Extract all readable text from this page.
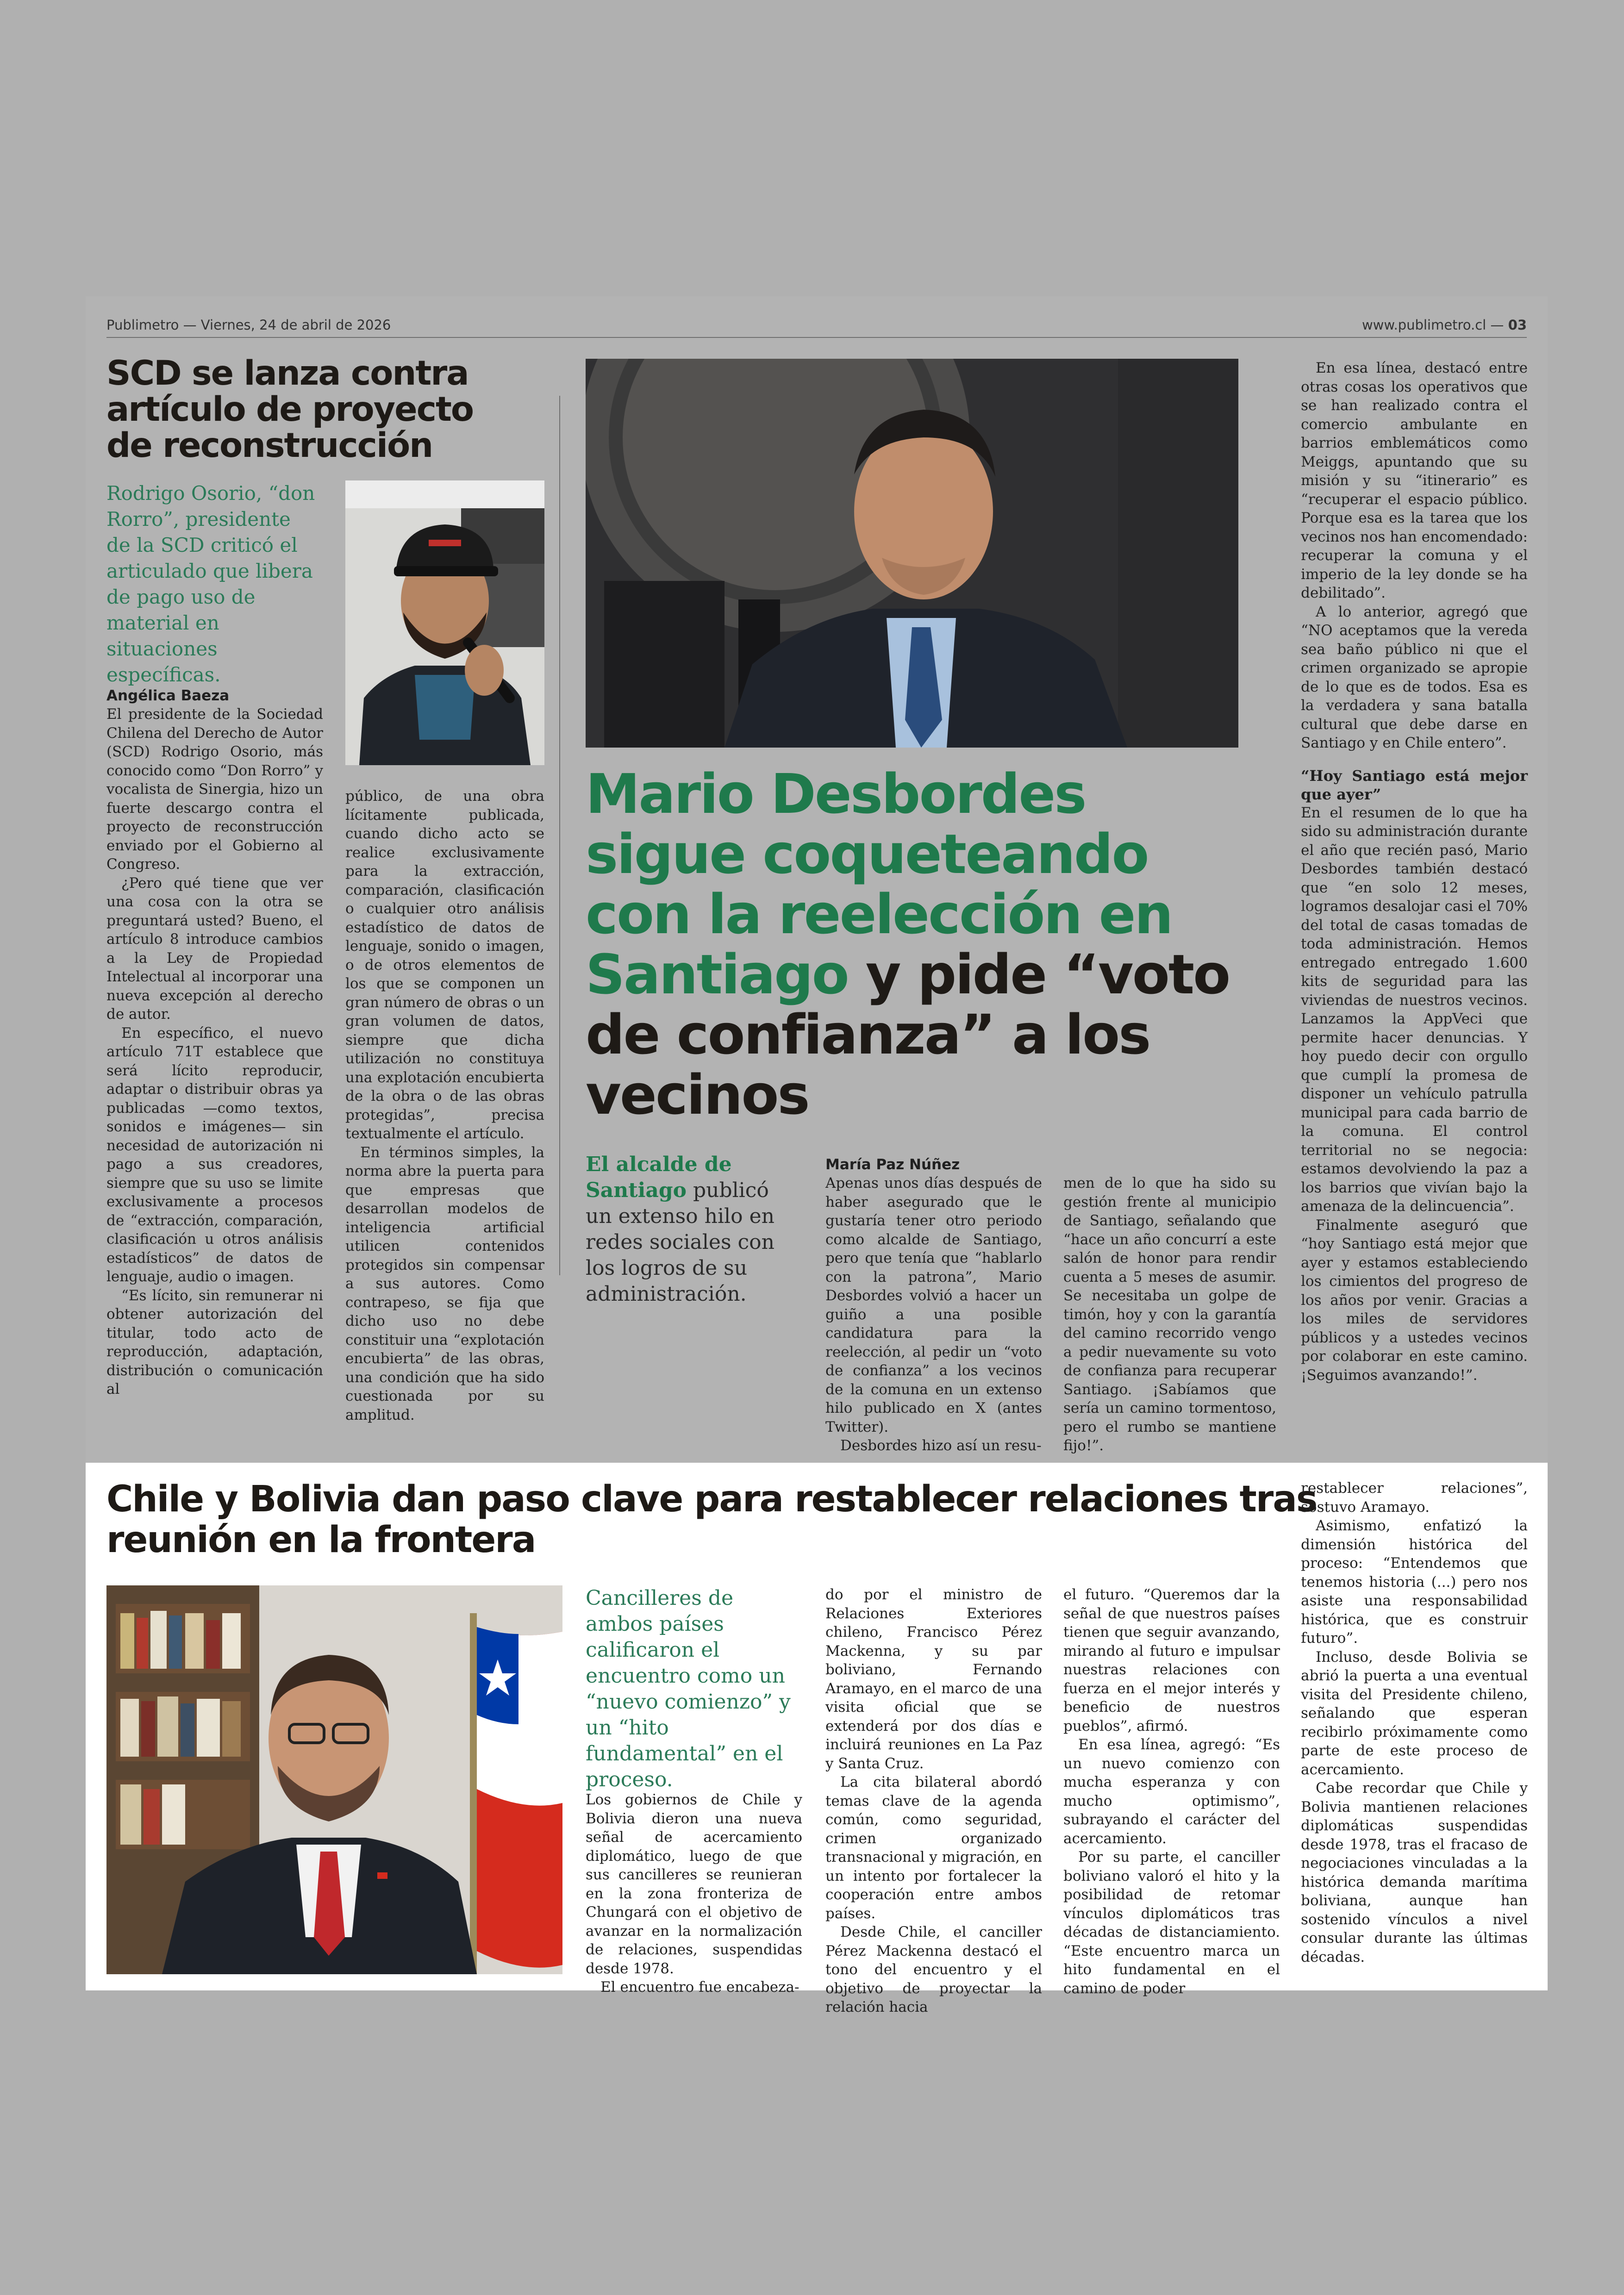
Publimetro — Viernes, 24 de abril de 2026	www.publimetro.cl — 03
SCD se lanza contra artículo de proyecto de reconstrucción
Rodrigo Osorio, “don Rorro”, presidente de la SCD criticó el articulado que libera de pago uso de material en situaciones específicas.
Angélica Baeza

El presidente de la Sociedad Chilena del Derecho de Autor (SCD) Rodrigo Osorio, más conocido como “Don Rorro” y vocalista de Sinergia, hizo un fuerte descargo contra el proyecto de reconstrucción enviado por el Gobierno al Congreso.

¿Pero qué tiene que ver una cosa con la otra se preguntará usted? Bueno, el artículo 8 introduce cambios a la Ley de Propiedad Intelectual al incorporar una nueva excepción al derecho de autor.

En específico, el nuevo artículo 71T establece que será lícito reproducir, adaptar o distribuir obras ya publicadas —como textos, sonidos e imágenes— sin necesidad de autorización ni pago a sus creadores, siempre que su uso se limite exclusivamente a procesos de “extracción, comparación, clasificación u otros análisis estadísticos” de datos de lenguaje, audio o imagen.

“Es lícito, sin remunerar ni obtener autorización del titular, todo acto de reproducción, adaptación, distribución o comunicación al

público, de una obra lícitamente publicada, cuando dicho acto se realice exclusivamente para la extracción, comparación, clasificación o cualquier otro análisis estadístico de datos de lenguaje, sonido o imagen, o de otros elementos de los que se componen un gran número de obras o un gran volumen de datos, siempre que dicha utilización no constituya una explotación encubierta de la obra o de las obras protegidas”, precisa textualmente el artículo.

En términos simples, la norma abre la puerta para que empresas que desarrollan modelos de inteligencia artificial utilicen contenidos protegidos sin compensar a sus autores. Como contrapeso, se fija que dicho uso no debe constituir una “explotación encubierta” de las obras, una condición que ha sido cuestionada por su amplitud.

Mario Desbordes sigue coqueteando con la reelección en Santiago y pide “voto de confianza” a los vecinos
El alcalde de Santiago publicó un extenso hilo en redes sociales con los logros de su administración.
María Paz Núñez

Apenas unos días después de haber asegurado que le gustaría tener otro periodo como alcalde de Santiago, pero que tenía que “hablarlo con la patrona”, Mario Desbordes volvió a hacer un guiño a una posible candidatura para la reelección, al pedir un “voto de confianza” a los vecinos de la comuna en un extenso hilo publicado en X (antes Twitter).

Desbordes hizo así un resu-

men de lo que ha sido su gestión frente al municipio de Santiago, señalando que “hace un año concurrí a este salón de honor para rendir cuenta a 5 meses de asumir. Se necesitaba un golpe de timón, hoy y con la garantía del camino recorrido vengo a pedir nuevamente su voto de confianza para recuperar Santiago. ¡Sabíamos que sería un camino tormentoso, pero el rumbo se mantiene fijo!”.

En esa línea, destacó entre otras cosas los operativos que se han realizado contra el comercio ambulante en barrios emblemáticos como Meiggs, apuntando que su misión y su “itinerario” es “recuperar el espacio público. Porque esa es la tarea que los vecinos nos han encomendado: recuperar la comuna y el imperio de la ley donde se ha debilitado”.

A lo anterior, agregó que “NO aceptamos que la vereda sea baño público ni que el crimen organizado se apropie de lo que es de todos. Esa es la verdadera y sana batalla cultural que debe darse en Santiago y en Chile entero”.

“Hoy Santiago está mejor que ayer”

En el resumen de lo que ha sido su administración durante el año que recién pasó, Mario Desbordes también destacó que “en solo 12 meses, logramos desalojar casi el 70% del total de casas tomadas de toda administración. Hemos entregado entregado 1.600 kits de seguridad para las viviendas de nuestros vecinos. Lanzamos la AppVeci que permite hacer denuncias. Y hoy puedo decir con orgullo que cumplí la promesa de disponer un vehículo patrulla municipal para cada barrio de la comuna. El control territorial no se negocia: estamos devolviendo la paz a los barrios que vivían bajo la amenaza de la delincuencia”.

Finalmente aseguró que “hoy Santiago está mejor que ayer y estamos estableciendo los cimientos del progreso de los años por venir. Gracias a los miles de servidores públicos y a ustedes vecinos por colaborar en este camino. ¡Seguimos avanzando!”.

Chile y Bolivia dan paso clave para restablecer relaciones tras reunión en la frontera
Cancilleres de ambos países calificaron el encuentro como un “nuevo comienzo” y un “hito fundamental” en el proceso.

Los gobiernos de Chile y Bolivia dieron una nueva señal de acercamiento diplomático, luego de que sus cancilleres se reunieran en la zona fronteriza de Chungará con el objetivo de avanzar en la normalización de relaciones, suspendidas desde 1978.

El encuentro fue encabeza-

do por el ministro de Relaciones Exteriores chileno, Francisco Pérez Mackenna, y su par boliviano, Fernando Aramayo, en el marco de una visita oficial que se extenderá por dos días e incluirá reuniones en La Paz y Santa Cruz.

La cita bilateral abordó temas clave de la agenda común, como seguridad, crimen organizado transnacional y migración, en un intento por fortalecer la cooperación entre ambos países.

Desde Chile, el canciller Pérez Mackenna destacó el tono del encuentro y el objetivo de proyectar la relación hacia

el futuro. “Queremos dar la señal de que nuestros países tienen que seguir avanzando, mirando al futuro e impulsar nuestras relaciones con fuerza en el mejor interés y beneficio de nuestros pueblos”, afirmó.

En esa línea, agregó: “Es un nuevo comienzo con mucha esperanza y con mucho optimismo”, subrayando el carácter del acercamiento.

Por su parte, el canciller boliviano valoró el hito y la posibilidad de retomar vínculos diplomáticos tras décadas de distanciamiento. “Este encuentro marca un hito fundamental en el camino de poder

restablecer relaciones”, sostuvo Aramayo.

Asimismo, enfatizó la dimensión histórica del proceso: “Entendemos que tenemos historia (...) pero nos asiste una responsabilidad histórica, que es construir futuro”.

Incluso, desde Bolivia se abrió la puerta a una eventual visita del Presidente chileno, señalando que esperan recibirlo próximamente como parte de este proceso de acercamiento.

Cabe recordar que Chile y Bolivia mantienen relaciones diplomáticas suspendidas desde 1978, tras el fracaso de negociaciones vinculadas a la histórica demanda marítima boliviana, aunque han sostenido vínculos a nivel consular durante las últimas décadas.
